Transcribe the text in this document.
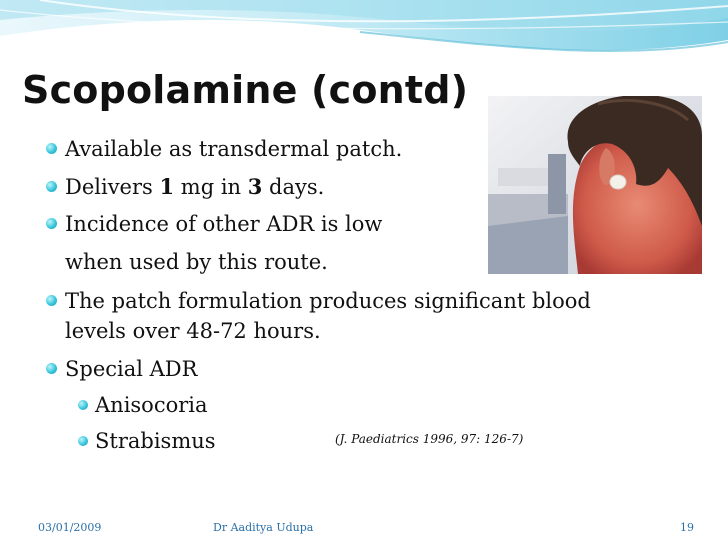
Scopolamine (contd)
Available as transdermal patch.
Delivers 1 mg in 3 days.
Incidence of other ADR is low
when used by this route.
The patch formulation produces significant blood
levels over 48-72 hours.
Special ADR
Anisocoria
Strabismus	(J. Paediatrics 1996, 97: 126-7)
03/01/2009	Dr Aaditya Udupa	19
